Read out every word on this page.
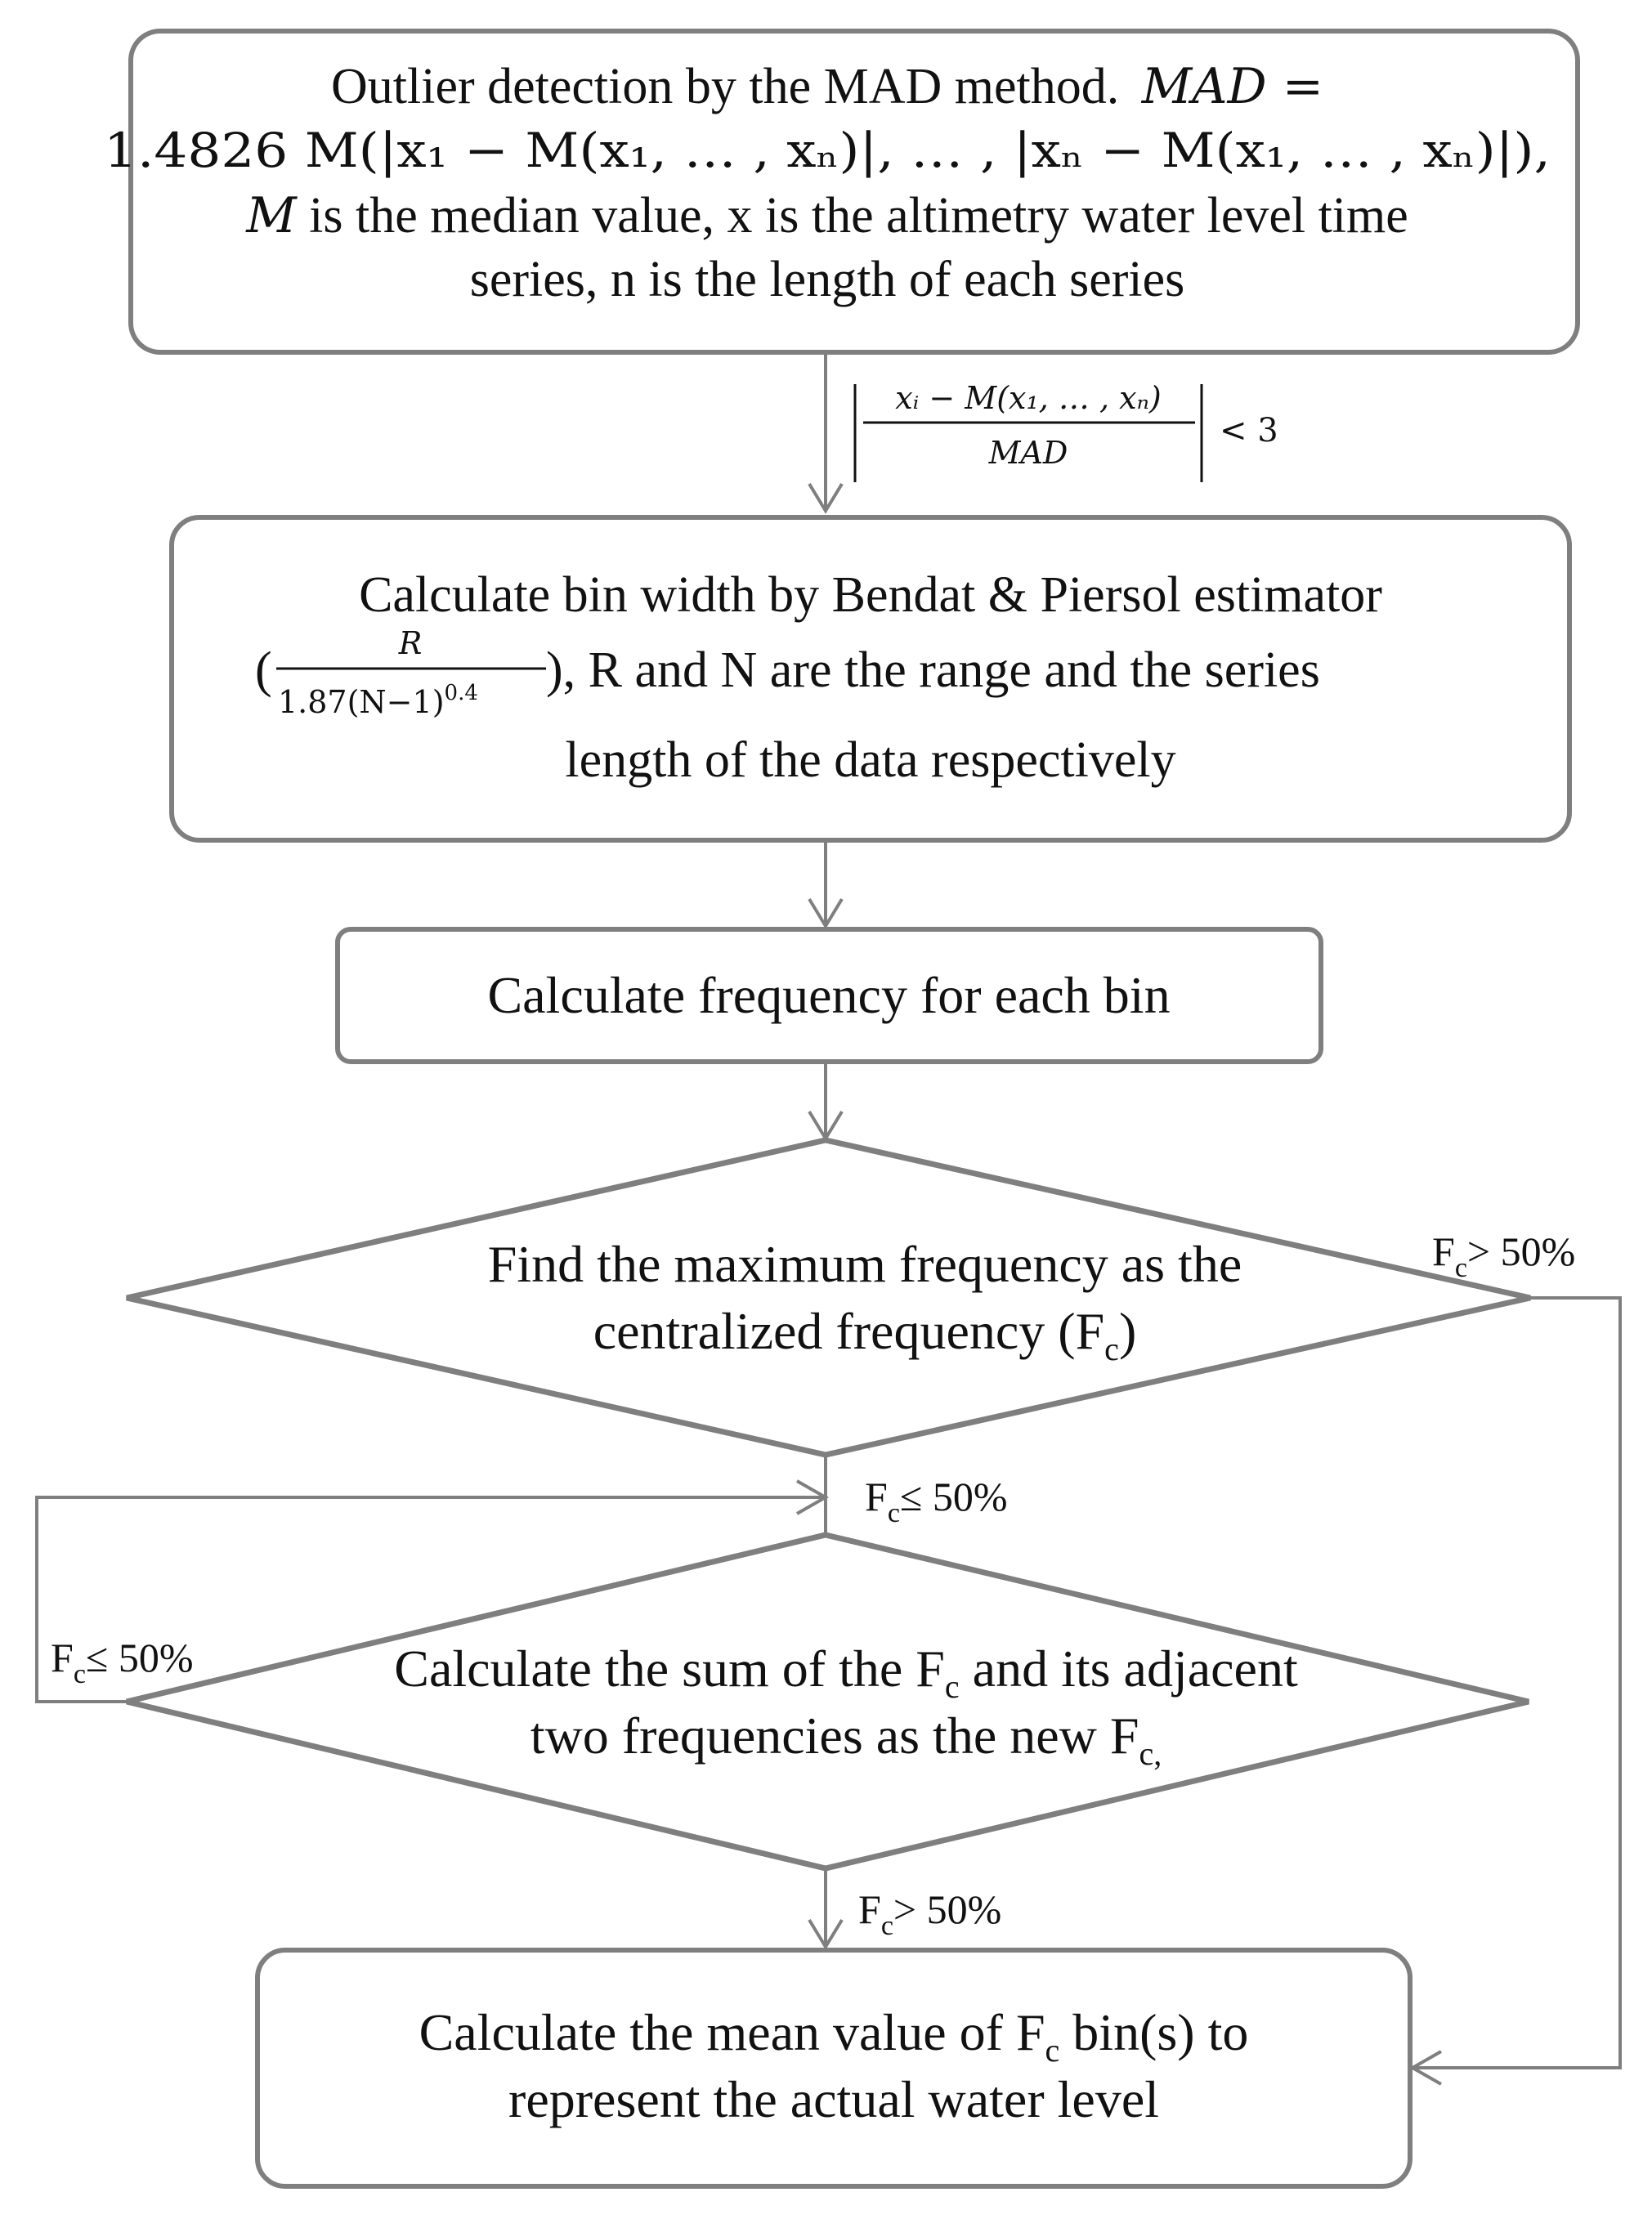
Outlier detection by the MAD method. MAD =
1.4826 M(|x₁ − M(x₁, … , xₙ)|, … , |xₙ − M(x₁, … , xₙ)|),
M is the median value, x is the altimetry water level time
series, n is the length of each series
xᵢ − M(x₁, … , xₙ)
MAD
< 3
Calculate bin width by Bendat & Piersol estimator
(	R
$1.87(N-1)^{0.4}$ ), R and N are the range and the series
length of the data respectively
Calculate frequency for each bin
Find the maximum frequency as the
centralized frequency $(F_c)$
$F_c> 50\%$
$F_c\le 50\%$
$F_c\le 50\%$	Calculate the sum of the $F_c$ and its adjacent
two frequencies as the new $F_{c,}$
$F_c> 50\%$
Calculate the mean value of $F_c$ bin(s) to
represent the actual water level
